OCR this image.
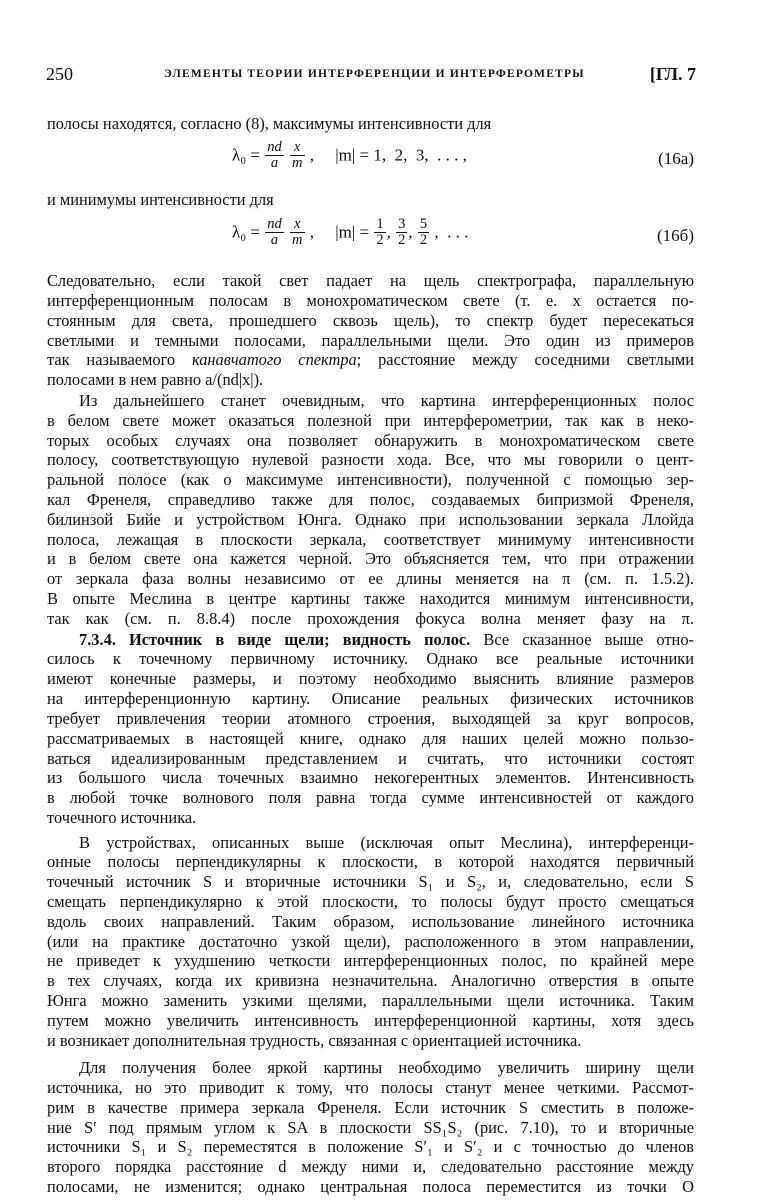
250	ЭЛЕМЕНТЫ ТЕОРИИ ИНТЕРФЕРЕНЦИИ И ИНТЕРФЕРОМЕТРЫ	[ГЛ. 7
полосы находятся, согласно (8), максимумы интенсивности для
$\lambda_0 = \frac{nd}{a}$
$\frac{x}{m}$ ,     |m| = 1,  2,  3,  . . . ,	(16а)
и минимумы интенсивности для
$\lambda_0 = \frac{nd}{a}$
$\frac{x}{m}$ ,     $|m| = \frac{1}{2}$ , $\frac{3}{2}$ , $\frac{5}{2}$ ,  . . .	(16б)
Следовательно, если такой свет падает на щель спектрографа, параллельную
интерференционным полосам в монохроматическом свете (т. е. x остается по-
стоянным для света, прошедшего сквозь щель), то спектр будет пересекаться
светлыми и темными полосами, параллельными щели. Это один из примеров
так называемого канавчатого спектра; расстояние между соседними светлыми
полосами в нем равно a/(nd|x|).
Из дальнейшего станет очевидным, что картина интерференционных полос
в белом свете может оказаться полезной при интерферометрии, так как в неко-
торых особых случаях она позволяет обнаружить в монохроматическом свете
полосу, соответствующую нулевой разности хода. Все, что мы говорили о цент-
ральной полосе (как о максимуме интенсивности), полученной с помощью зер-
кал Френеля, справедливо также для полос, создаваемых бипризмой Френеля,
билинзой Бийе и устройством Юнга. Однако при использовании зеркала Ллойда
полоса, лежащая в плоскости зеркала, соответствует минимуму интенсивности
и в белом свете она кажется черной. Это объясняется тем, что при отражении
от зеркала фаза волны независимо от ее длины меняется на π (см. п. 1.5.2).
В опыте Меслина в центре картины также находится минимум интенсивности,
так как (см. п. 8.8.4) после прохождения фокуса волна меняет фазу на π.
7.3.4. Источник в виде щели; видность полос. Все сказанное выше отно-
силось к точечному первичному источнику. Однако все реальные источники
имеют конечные размеры, и поэтому необходимо выяснить влияние размеров
на интерференционную картину. Описание реальных физических источников
требует привлечения теории атомного строения, выходящей за круг вопросов,
рассматриваемых в настоящей книге, однако для наших целей можно пользо-
ваться идеализированным представлением и считать, что источники состоят
из большого числа точечных взаимно некогерентных элементов. Интенсивность
в любой точке волнового поля равна тогда сумме интенсивностей от каждого
точечного источника.
В устройствах, описанных выше (исключая опыт Меслина), интерференци-
онные полосы перпендикулярны к плоскости, в которой находятся первичный
точечный источник S и вторичные источники S₁ и S₂, и, следовательно, если S
смещать перпендикулярно к этой плоскости, то полосы будут просто смещаться
вдоль своих направлений. Таким образом, использование линейного источника
(или на практике достаточно узкой щели), расположенного в этом направлении,
не приведет к ухудшению четкости интерференционных полос, по крайней мере
в тех случаях, когда их кривизна незначительна. Аналогично отверстия в опыте
Юнга можно заменить узкими щелями, параллельными щели источника. Таким
путем можно увеличить интенсивность интерференционной картины, хотя здесь
и возникает дополнительная трудность, связанная с ориентацией источника.
Для получения более яркой картины необходимо увеличить ширину щели
источника, но это приводит к тому, что полосы станут менее четкими. Рассмот-
рим в качестве примера зеркала Френеля. Если источник S сместить в положе-
ние S′ под прямым углом к SA в плоскости SS₁S₂ (рис. 7.10), то и вторичные
источники S₁ и S₂ переместятся в положение S′₁ и S′₂ и с точностью до членов
второго порядка расстояние d между ними и, следовательно расстояние между
полосами, не изменится; однако центральная полоса переместится из точки O
